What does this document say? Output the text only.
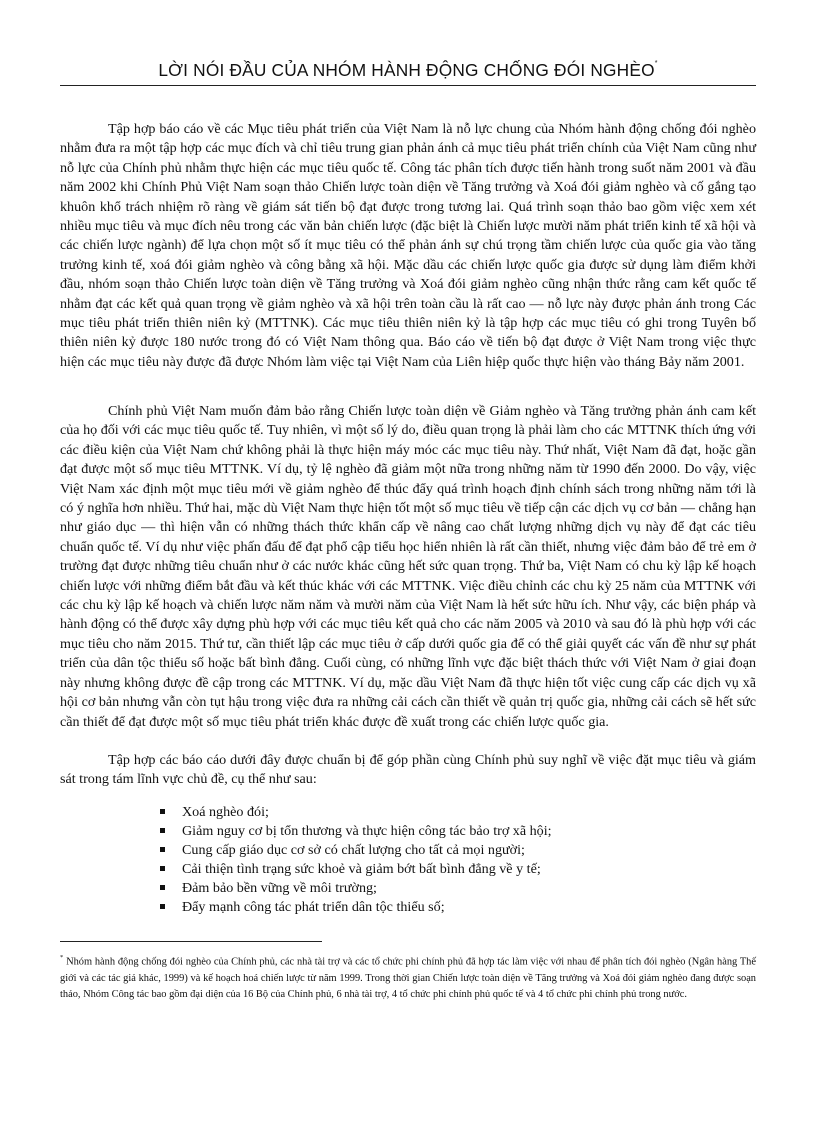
LỜI NÓI ĐẦU CỦA NHÓM HÀNH ĐỘNG CHỐNG ĐÓI NGHÈO*

Tập hợp báo cáo về các Mục tiêu phát triển của Việt Nam là nỗ lực chung của Nhóm hành động chống đói nghèo nhằm đưa ra một tập hợp các mục đích và chỉ tiêu trung gian phản ánh cả mục tiêu phát triển chính của Việt Nam cũng như nỗ lực của Chính phủ nhằm thực hiện các mục tiêu quốc tế. Công tác phân tích được tiến hành trong suốt năm 2001 và đầu năm 2002 khi Chính Phủ Việt Nam soạn thảo Chiến lược toàn diện về Tăng trưởng và Xoá đói giảm nghèo và cố gắng tạo khuôn khổ trách nhiệm rõ ràng về giám sát tiến bộ đạt được trong tương lai. Quá trình soạn thảo bao gồm việc xem xét nhiều mục tiêu và mục đích nêu trong các văn bản chiến lược (đặc biệt là Chiến lược mười năm phát triển kinh tế xã hội và các chiến lược ngành) để lựa chọn một số ít mục tiêu có thể phản ánh sự chú trọng tầm chiến lược của quốc gia vào tăng trưởng kinh tế, xoá đói giảm nghèo và công bằng xã hội. Mặc dầu các chiến lược quốc gia được sử dụng làm điểm khởi đầu, nhóm soạn thảo Chiến lược toàn diện về Tăng trưởng và Xoá đói giảm nghèo cũng nhận thức rằng cam kết quốc tế nhằm đạt các kết quả quan trọng về giảm nghèo và xã hội trên toàn cầu là rất cao — nỗ lực này được phản ánh trong Các mục tiêu phát triển thiên niên kỷ (MTTNK). Các mục tiêu thiên niên kỷ là tập hợp các mục tiêu có ghi trong Tuyên bố thiên niên kỷ được 180 nước trong đó có Việt Nam thông qua. Báo cáo về tiến bộ đạt được ở Việt Nam trong việc thực hiện các mục tiêu này được đã được Nhóm làm việc tại Việt Nam của Liên hiệp quốc thực hiện vào tháng Bảy năm 2001.

Chính phủ Việt Nam muốn đảm bảo rằng Chiến lược toàn diện về Giảm nghèo và Tăng trưởng phản ánh cam kết của họ đối với các mục tiêu quốc tế. Tuy nhiên, vì một số lý do, điều quan trọng là phải làm cho các MTTNK thích ứng với các điều kiện của Việt Nam chứ không phải là thực hiện máy móc các mục tiêu này. Thứ nhất, Việt Nam đã đạt, hoặc gần đạt được một số mục tiêu MTTNK. Ví dụ, tỷ lệ nghèo đã giảm một nữa trong những năm từ 1990 đến 2000. Do vậy, việc Việt Nam xác định một mục tiêu mới về giảm nghèo để thúc đẩy quá trình hoạch định chính sách trong những năm tới là có ý nghĩa hơn nhiều. Thứ hai, mặc dù Việt Nam thực hiện tốt một số mục tiêu về tiếp cận các dịch vụ cơ bản — chẳng hạn như giáo dục — thì hiện vẫn có những thách thức khẩn cấp về nâng cao chất lượng những dịch vụ này để đạt các tiêu chuẩn quốc tế. Ví dụ như việc phấn đấu để đạt phổ cập tiểu học hiển nhiên là rất cần thiết, nhưng việc đảm bảo để trẻ em ở trường đạt được những tiêu chuẩn như ở các nước khác cũng hết sức quan trọng. Thứ ba, Việt Nam có chu kỳ lập kế hoạch chiến lược với những điểm bắt đầu và kết thúc khác với các MTTNK. Việc điều chỉnh các chu kỳ 25 năm của MTTNK với các chu kỳ lập kế hoạch và chiến lược năm năm và mười năm của Việt Nam là hết sức hữu ích. Như vậy, các biện pháp và hành động có thể được xây dựng phù hợp với các mục tiêu kết quả cho các năm 2005 và 2010 và sau đó là phù hợp với các mục tiêu cho năm 2015. Thứ tư, cần thiết lập các mục tiêu ở cấp dưới quốc gia để có thể giải quyết các vấn đề như sự phát triển của dân tộc thiểu số hoặc bất bình đẳng. Cuối cùng, có những lĩnh vực đặc biệt thách thức với Việt Nam ở giai đoạn này nhưng không được đề cập trong các MTTNK. Ví dụ, mặc dầu Việt Nam đã thực hiện tốt việc cung cấp các dịch vụ xã hội cơ bản nhưng vẫn còn tụt hậu trong việc đưa ra những cải cách cần thiết về quản trị quốc gia, những cải cách sẽ hết sức cần thiết để đạt được một số mục tiêu phát triển khác được đề xuất trong các chiến lược quốc gia.

Tập hợp các báo cáo dưới đây được chuẩn bị để góp phần cùng Chính phủ suy nghĩ về việc đặt mục tiêu và giám sát trong tám lĩnh vực chủ đề, cụ thể như sau:

Xoá nghèo đói;
Giảm nguy cơ bị tổn thương và thực hiện công tác bảo trợ xã hội;
Cung cấp giáo dục cơ sở có chất lượng cho tất cả mọi người;
Cải thiện tình trạng sức khoẻ và giảm bớt bất bình đẳng về y tế;
Đảm bảo bền vững về môi trường;
Đẩy mạnh công tác phát triển dân tộc thiểu số;
* Nhóm hành động chống đói nghèo của Chính phủ, các nhà tài trợ và các tổ chức phi chính phủ đã hợp tác làm việc với nhau để phân tích đói nghèo (Ngân hàng Thế giới và các tác giả khác, 1999) và kế hoạch hoá chiến lược từ năm 1999. Trong thời gian Chiến lược toàn diện về Tăng trưởng và Xoá đói giảm nghèo đang được soạn thảo, Nhóm Công tác bao gồm đại diện của 16 Bộ của Chính phủ, 6 nhà tài trợ, 4 tổ chức phi chính phủ quốc tế và 4 tổ chức phi chính phủ trong nước.
